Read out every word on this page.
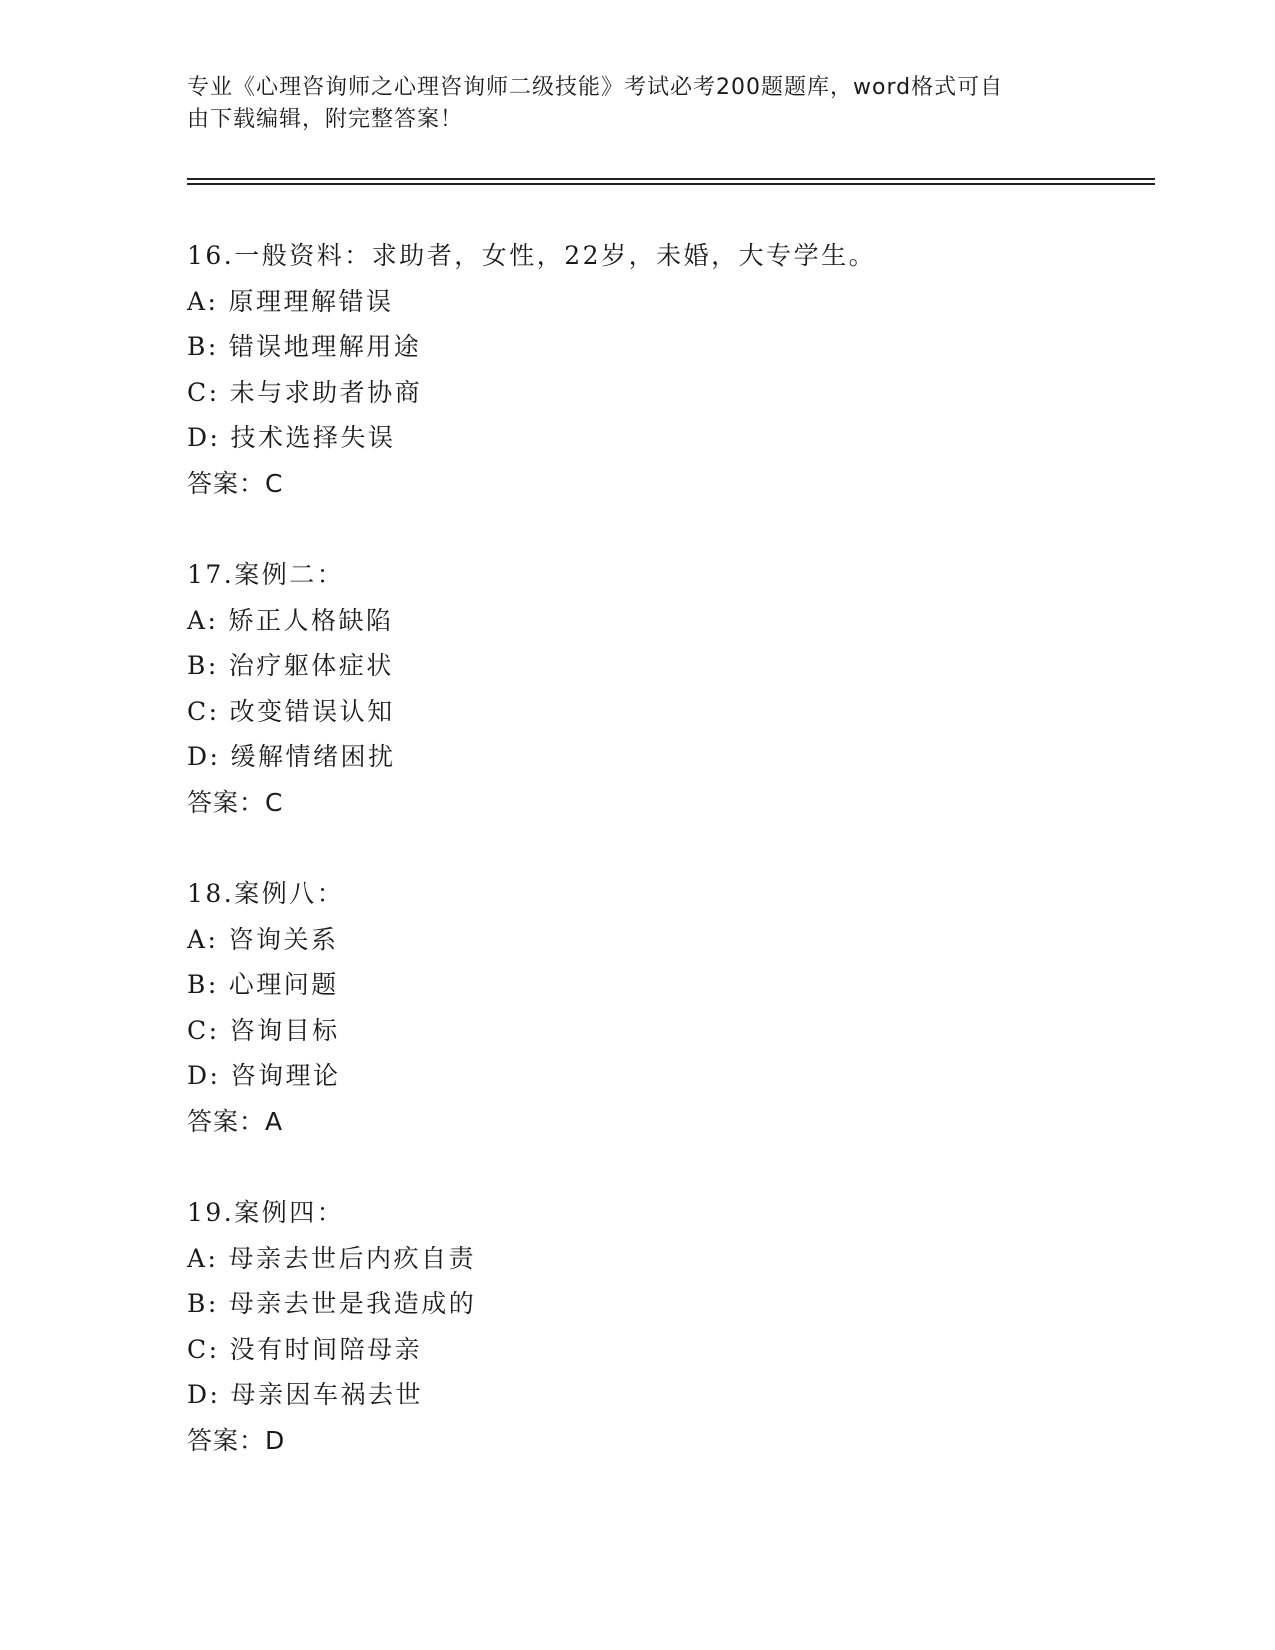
专业《心理咨询师之心理咨询师二级技能》考试必考200题题库，word格式可自
由下载编辑，附完整答案！
16.一般资料：求助者，女性，22岁，未婚，大专学生。
A: 原理理解错误
B: 错误地理解用途
C: 未与求助者协商
D: 技术选择失误
答案：C
17.案例二：
A: 矫正人格缺陷
B: 治疗躯体症状
C: 改变错误认知
D: 缓解情绪困扰
答案：C
18.案例八：
A: 咨询关系
B: 心理问题
C: 咨询目标
D: 咨询理论
答案：A
19.案例四：
A: 母亲去世后内疚自责
B: 母亲去世是我造成的
C: 没有时间陪母亲
D: 母亲因车祸去世
答案：D
